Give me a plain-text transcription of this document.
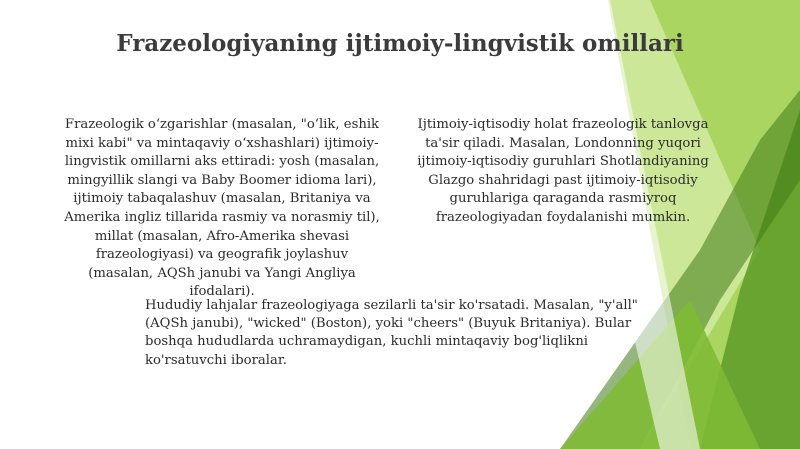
Frazeologiyaning ijtimoiy-lingvistik omillari
Frazeologik oʻzgarishlar (masalan, "oʻlik, eshik mixi kabi" va mintaqaviy oʻxshashlari) ijtimoiy-lingvistik omillarni aks ettiradi: yosh (masalan, mingyillik slangi va Baby Boomer idioma lari), ijtimoiy tabaqalashuv (masalan, Britaniya va Amerika ingliz tillarida rasmiy va norasmiy til), millat (masalan, Afro-Amerika shevasi frazeologiyasi) va geografik joylashuv (masalan, AQSh janubi va Yangi Angliya ifodalari).
Ijtimoiy-iqtisodiy holat frazeologik tanlovga ta'sir qiladi. Masalan, Londonning yuqori ijtimoiy-iqtisodiy guruhlari Shotlandiyaning Glazgo shahridagi past ijtimoiy-iqtisodiy guruhlariga qaraganda rasmiyroq frazeologiyadan foydalanishi mumkin.
Hududiy lahjalar frazeologiyaga sezilarli ta'sir ko'rsatadi. Masalan, "y'all" (AQSh janubi), "wicked" (Boston), yoki "cheers" (Buyuk Britaniya). Bular boshqa hududlarda uchramaydigan, kuchli mintaqaviy bog'liqlikni ko'rsatuvchi iboralar.
